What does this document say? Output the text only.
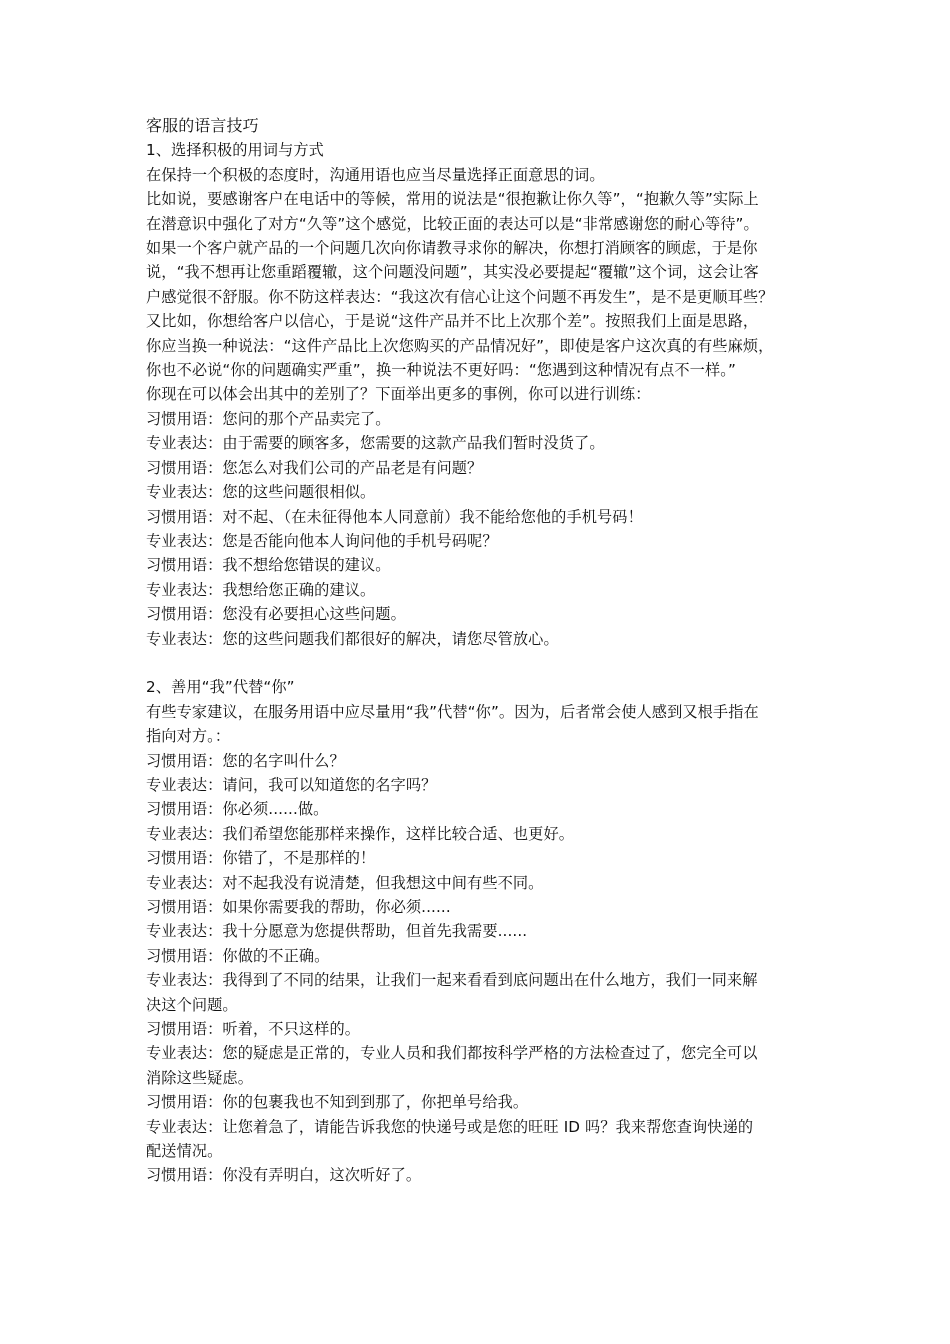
客服的语言技巧
1、选择积极的用词与方式
在保持一个积极的态度时，沟通用语也应当尽量选择正面意思的词。
比如说，要感谢客户在电话中的等候，常用的说法是“很抱歉让你久等”，“抱歉久等”实际上
在潜意识中强化了对方“久等”这个感觉，比较正面的表达可以是“非常感谢您的耐心等待”。
如果一个客户就产品的一个问题几次向你请教寻求你的解决，你想打消顾客的顾虑，于是你
说，“我不想再让您重蹈覆辙，这个问题没问题”，其实没必要提起“覆辙”这个词，这会让客
户感觉很不舒服。你不防这样表达：“我这次有信心让这个问题不再发生”，是不是更顺耳些？
又比如，你想给客户以信心，于是说“这件产品并不比上次那个差”。按照我们上面是思路，
你应当换一种说法：“这件产品比上次您购买的产品情况好”，即使是客户这次真的有些麻烦，
你也不必说“你的问题确实严重”，换一种说法不更好吗：“您遇到这种情况有点不一样。”
你现在可以体会出其中的差别了？下面举出更多的事例，你可以进行训练：
习惯用语：您问的那个产品卖完了。
专业表达：由于需要的顾客多，您需要的这款产品我们暂时没货了。
习惯用语：您怎么对我们公司的产品老是有问题？
专业表达：您的这些问题很相似。
习惯用语：对不起、（在未征得他本人同意前）我不能给您他的手机号码！
专业表达：您是否能向他本人询问他的手机号码呢？
习惯用语：我不想给您错误的建议。
专业表达：我想给您正确的建议。
习惯用语：您没有必要担心这些问题。
专业表达：您的这些问题我们都很好的解决，请您尽管放心。
2、善用“我”代替“你”
有些专家建议，在服务用语中应尽量用“我”代替“你”。因为，后者常会使人感到又根手指在
指向对方。：
习惯用语：您的名字叫什么？
专业表达：请问，我可以知道您的名字吗？
习惯用语：你必须......做。
专业表达：我们希望您能那样来操作，这样比较合适、也更好。
习惯用语：你错了，不是那样的！
专业表达：对不起我没有说清楚，但我想这中间有些不同。
习惯用语：如果你需要我的帮助，你必须......
专业表达：我十分愿意为您提供帮助，但首先我需要......
习惯用语：你做的不正确。
专业表达：我得到了不同的结果，让我们一起来看看到底问题出在什么地方，我们一同来解
决这个问题。
习惯用语：听着，不只这样的。
专业表达：您的疑虑是正常的，专业人员和我们都按科学严格的方法检查过了，您完全可以
消除这些疑虑。
习惯用语：你的包裹我也不知到到那了，你把单号给我。
专业表达：让您着急了，请能告诉我您的快递号或是您的旺旺 ID 吗？我来帮您查询快递的
配送情况。
习惯用语：你没有弄明白，这次听好了。
